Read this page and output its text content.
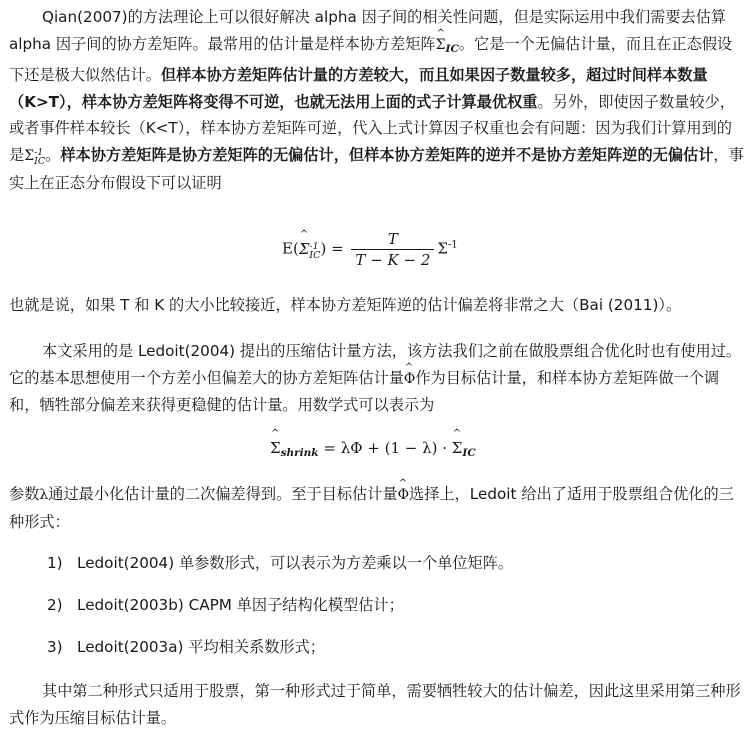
Qian(2007)的方法理论上可以很好解决 alpha 因子间的相关性问题，但是实际运用中我们需要去估算 alpha 因子间的协方差矩阵。最常用的估计量是样本协方差矩阵^ $\Sigma_{IC}$。它是一个无偏估计量，而且在正态假设下还是极大似然估计。但样本协方差矩阵估计量的方差较大，而且如果因子数量较多，超过时间样本数量（K>T），样本协方差矩阵将变得不可逆，也就无法用上面的式子计算最优权重。另外，即使因子数量较少，或者事件样本较长（K<T），样本协方差矩阵可逆，代入上式计算因子权重也会有问题：因为我们计算用到的是Σ-1
IC。样本协方差矩阵是协方差矩阵的无偏估计，但样本协方差矩阵的逆并不是协方差矩阵逆的无偏估计，事实上在正态分布假设下可以证明

E(^ Σ-1
$IC) = \frac{T}{T - K - 2} \Sigma^{-1}$

也就是说，如果 T 和 K 的大小比较接近，样本协方差矩阵逆的估计偏差将非常之大（Bai (2011)）。

本文采用的是 Ledoit(2004) 提出的压缩估计量方法，该方法我们之前在做股票组合优化时也有使用过。它的基本思想使用一个方差小但偏差大的协方差矩阵估计量^ Φ作为目标估计量，和样本协方差矩阵做一个调和，牺牲部分偏差来获得更稳健的估计量。用数学式可以表示为

^ $\Sigma_{shrink} = \lambda\Phi + (1 - \lambda)$ · ^ $\Sigma_{IC}$

参数λ通过最小化估计量的二次偏差得到。至于目标估计量^ Φ选择上，Ledoit 给出了适用于股票组合优化的三种形式：

1) Ledoit(2004) 单参数形式，可以表示为方差乘以一个单位矩阵。
2) Ledoit(2003b) CAPM 单因子结构化模型估计；
3) Ledoit(2003a) 平均相关系数形式；

其中第二种形式只适用于股票，第一种形式过于简单，需要牺牲较大的估计偏差，因此这里采用第三种形式作为压缩目标估计量。
